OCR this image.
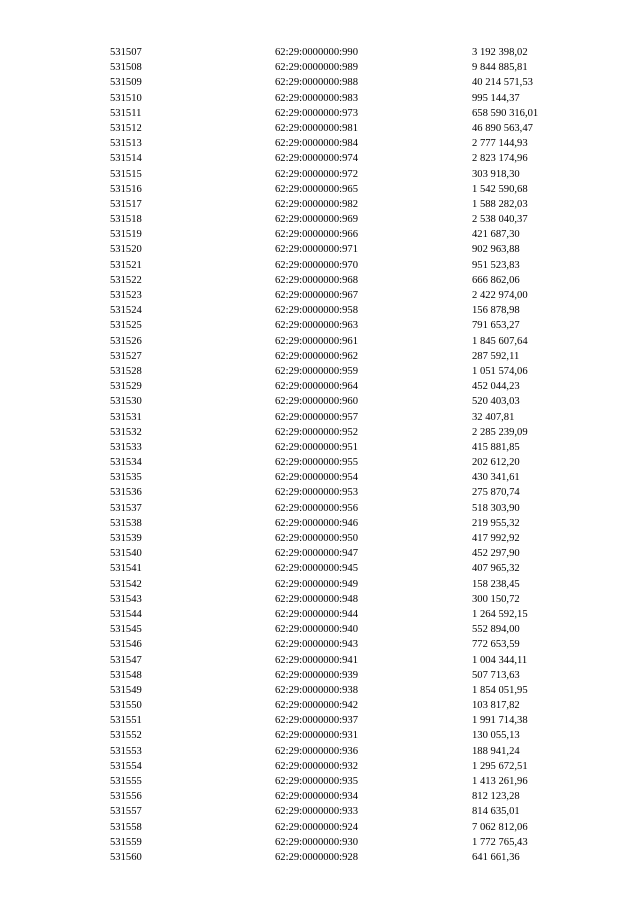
531507	62:29:0000000:990	3 192 398,02
531508	62:29:0000000:989	9 844 885,81
531509	62:29:0000000:988	40 214 571,53
531510	62:29:0000000:983	995 144,37
531511	62:29:0000000:973	658 590 316,01
531512	62:29:0000000:981	46 890 563,47
531513	62:29:0000000:984	2 777 144,93
531514	62:29:0000000:974	2 823 174,96
531515	62:29:0000000:972	303 918,30
531516	62:29:0000000:965	1 542 590,68
531517	62:29:0000000:982	1 588 282,03
531518	62:29:0000000:969	2 538 040,37
531519	62:29:0000000:966	421 687,30
531520	62:29:0000000:971	902 963,88
531521	62:29:0000000:970	951 523,83
531522	62:29:0000000:968	666 862,06
531523	62:29:0000000:967	2 422 974,00
531524	62:29:0000000:958	156 878,98
531525	62:29:0000000:963	791 653,27
531526	62:29:0000000:961	1 845 607,64
531527	62:29:0000000:962	287 592,11
531528	62:29:0000000:959	1 051 574,06
531529	62:29:0000000:964	452 044,23
531530	62:29:0000000:960	520 403,03
531531	62:29:0000000:957	32 407,81
531532	62:29:0000000:952	2 285 239,09
531533	62:29:0000000:951	415 881,85
531534	62:29:0000000:955	202 612,20
531535	62:29:0000000:954	430 341,61
531536	62:29:0000000:953	275 870,74
531537	62:29:0000000:956	518 303,90
531538	62:29:0000000:946	219 955,32
531539	62:29:0000000:950	417 992,92
531540	62:29:0000000:947	452 297,90
531541	62:29:0000000:945	407 965,32
531542	62:29:0000000:949	158 238,45
531543	62:29:0000000:948	300 150,72
531544	62:29:0000000:944	1 264 592,15
531545	62:29:0000000:940	552 894,00
531546	62:29:0000000:943	772 653,59
531547	62:29:0000000:941	1 004 344,11
531548	62:29:0000000:939	507 713,63
531549	62:29:0000000:938	1 854 051,95
531550	62:29:0000000:942	103 817,82
531551	62:29:0000000:937	1 991 714,38
531552	62:29:0000000:931	130 055,13
531553	62:29:0000000:936	188 941,24
531554	62:29:0000000:932	1 295 672,51
531555	62:29:0000000:935	1 413 261,96
531556	62:29:0000000:934	812 123,28
531557	62:29:0000000:933	814 635,01
531558	62:29:0000000:924	7 062 812,06
531559	62:29:0000000:930	1 772 765,43
531560	62:29:0000000:928	641 661,36
